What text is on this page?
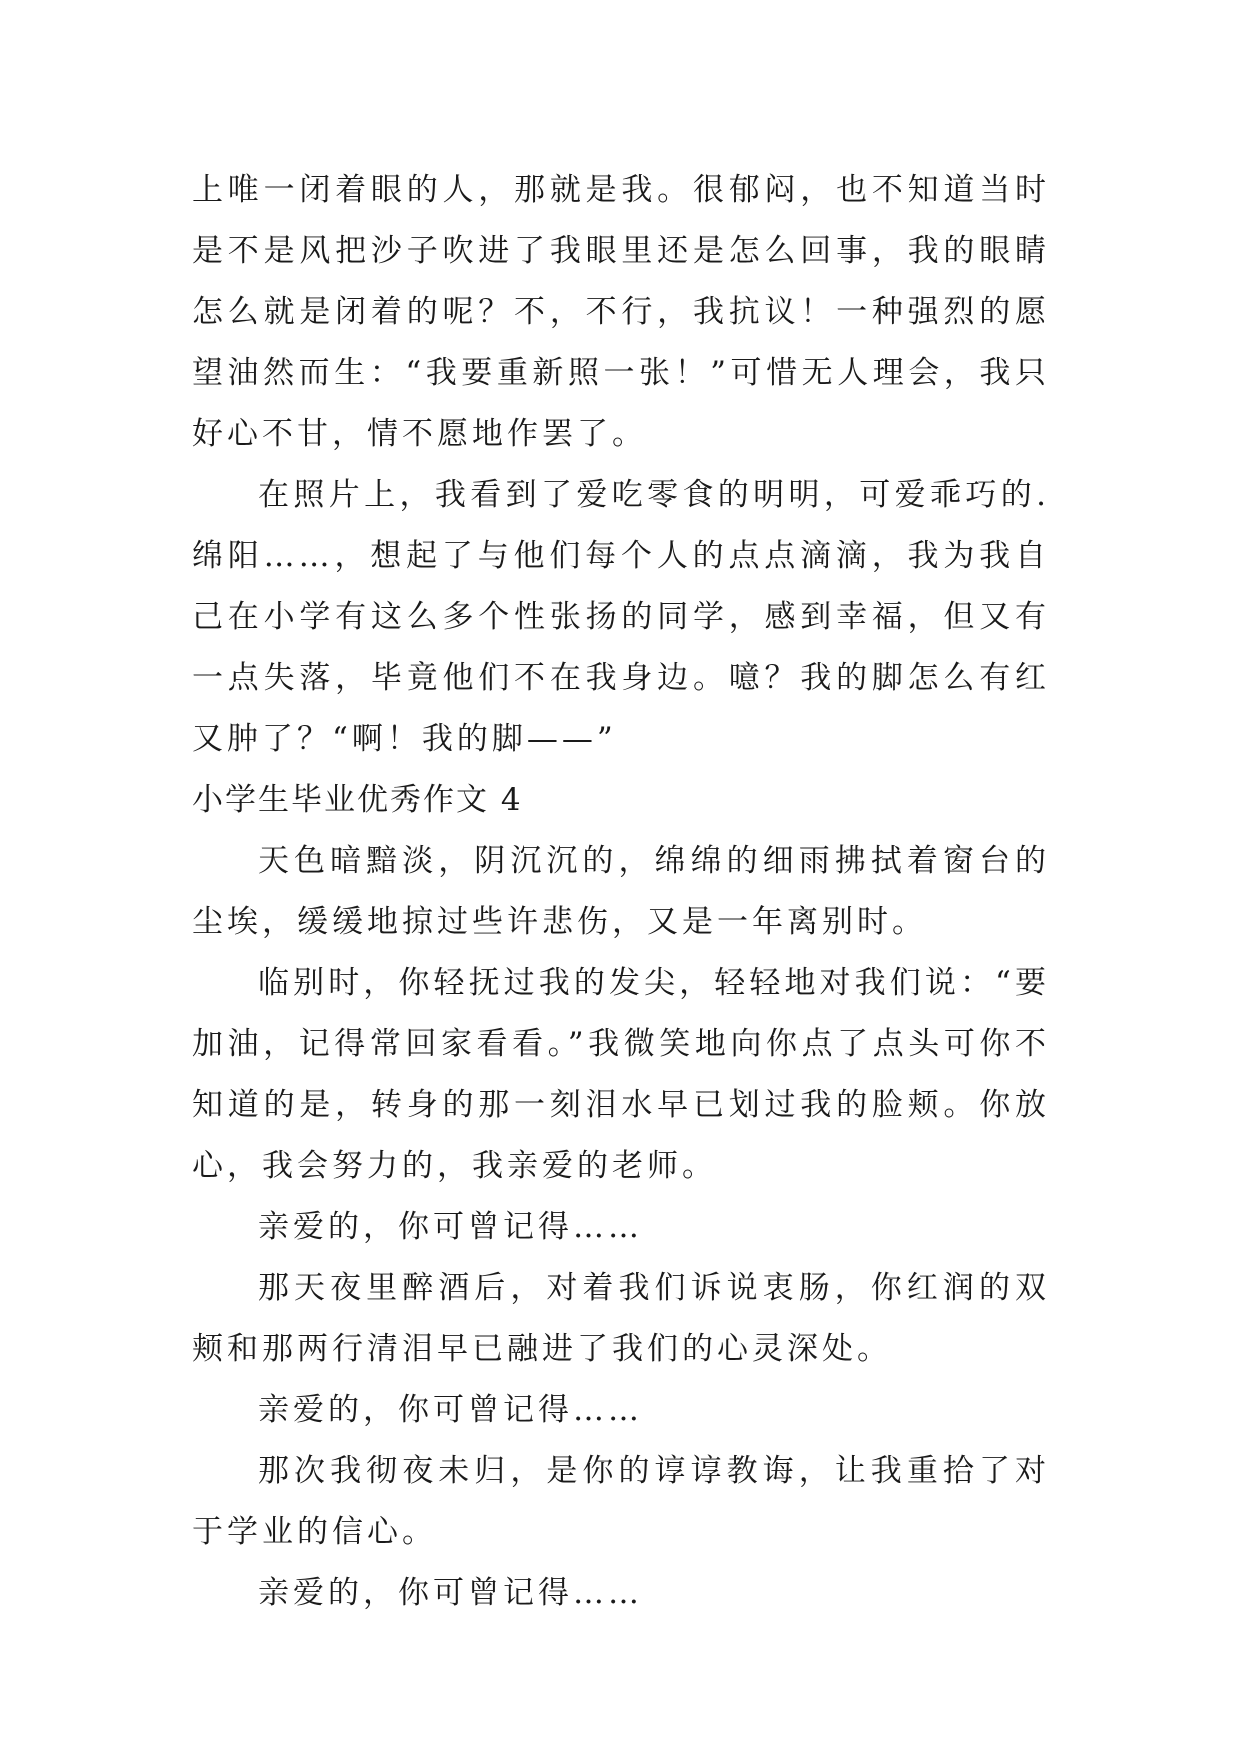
上唯一闭着眼的人，那就是我。很郁闷，也不知道当时是不是风把沙子吹进了我眼里还是怎么回事，我的眼睛怎么就是闭着的呢？不，不行，我抗议！一种强烈的愿望油然而生：“我要重新照一张！”可惜无人理会，我只好心不甘，情不愿地作罢了。

在照片上，我看到了爱吃零食的明明，可爱乖巧的.绵阳……，想起了与他们每个人的点点滴滴，我为我自己在小学有这么多个性张扬的同学，感到幸福，但又有一点失落，毕竟他们不在我身边。噫？我的脚怎么有红又肿了？“啊！我的脚——”

小学生毕业优秀作文 4

天色暗黯淡，阴沉沉的，绵绵的细雨拂拭着窗台的尘埃，缓缓地掠过些许悲伤，又是一年离别时。

临别时，你轻抚过我的发尖，轻轻地对我们说：“要加油，记得常回家看看。”我微笑地向你点了点头可你不知道的是，转身的那一刻泪水早已划过我的脸颊。你放心，我会努力的，我亲爱的老师。

亲爱的，你可曾记得……

那天夜里醉酒后，对着我们诉说衷肠，你红润的双颊和那两行清泪早已融进了我们的心灵深处。

亲爱的，你可曾记得……

那次我彻夜未归，是你的谆谆教诲，让我重拾了对于学业的信心。

亲爱的，你可曾记得……
